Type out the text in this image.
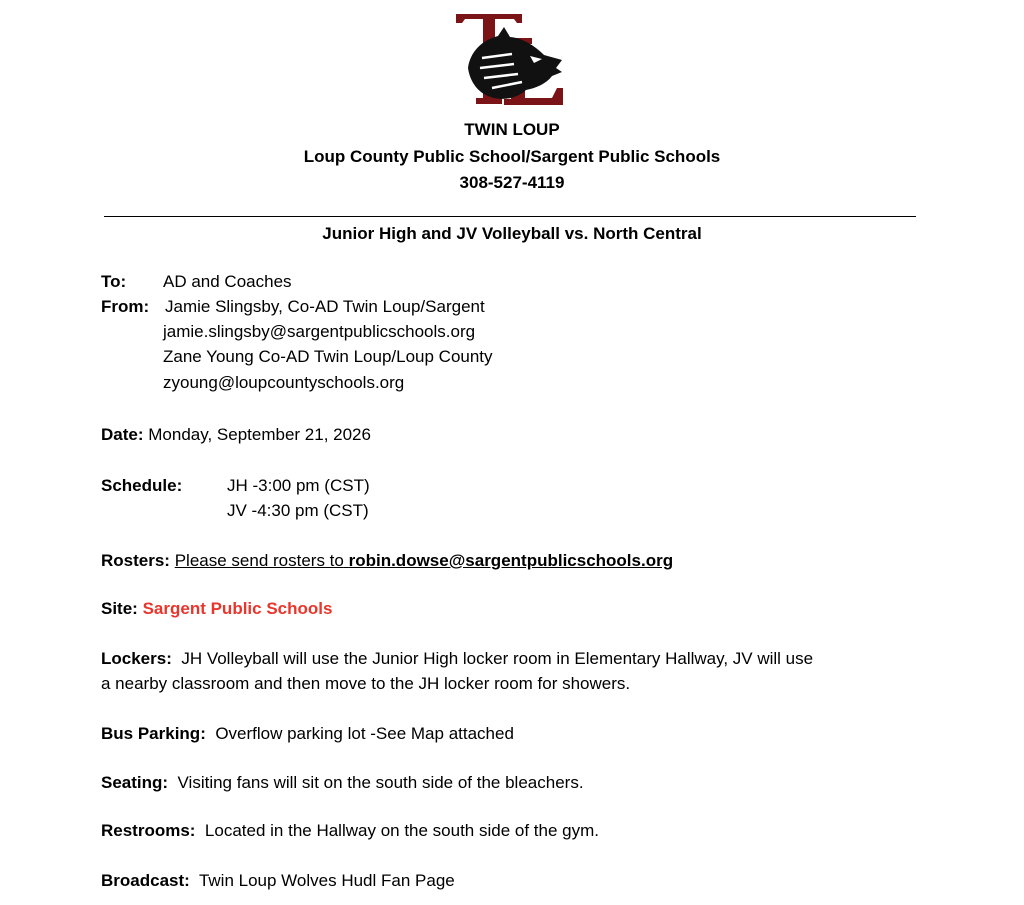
TWIN LOUP
Loup County Public School/Sargent Public Schools
308-527-4119
Junior High and JV Volleyball vs. North Central
To: AD and Coaches
From: Jamie Slingsby, Co-AD Twin Loup/Sargent
jamie.slingsby@sargentpublicschools.org
Zane Young Co-AD Twin Loup/Loup County
zyoung@loupcountyschools.org
Date: Monday, September 21, 2026
Schedule:	JH -3:00 pm (CST)
JV -4:30 pm (CST)
Rosters: Please send rosters to robin.dowse@sargentpublicschools.org
Site: Sargent Public Schools
Lockers: JH Volleyball will use the Junior High locker room in Elementary Hallway, JV will use
a nearby classroom and then move to the JH locker room for showers.
Bus Parking: Overflow parking lot -See Map attached
Seating: Visiting fans will sit on the south side of the bleachers.
Restrooms: Located in the Hallway on the south side of the gym.
Broadcast: Twin Loup Wolves Hudl Fan Page
